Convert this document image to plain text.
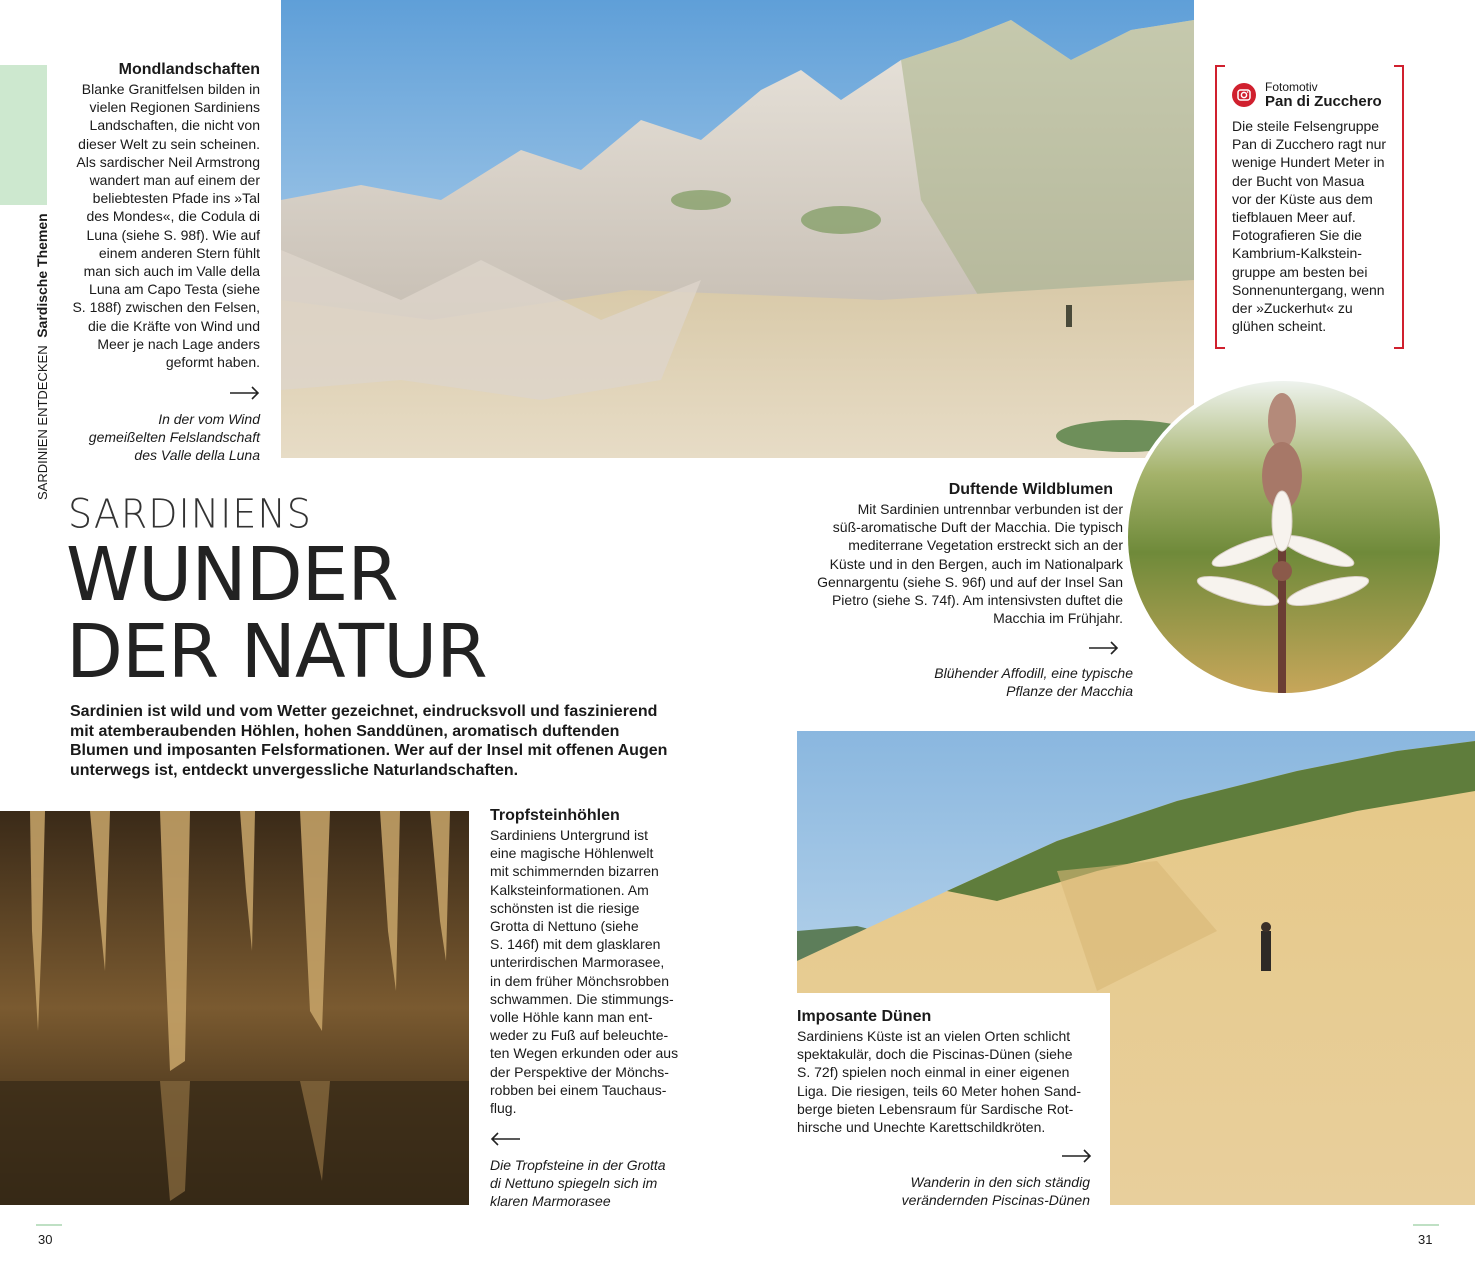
SARDINIEN ENTDECKEN Sardische Themen
Mondlandschaften
Blanke Granitfelsen bilden in
vielen Regionen Sardiniens
Landschaften, die nicht von
dieser Welt zu sein scheinen.
Als sardischer Neil Armstrong
wandert man auf einem der
beliebtesten Pfade ins »Tal
des Mondes«, die Codula di
Luna (siehe S. 98f). Wie auf
einem anderen Stern fühlt
man sich auch im Valle della
Luna am Capo Testa (siehe
S. 188f) zwischen den Felsen,
die die Kräfte von Wind und
Meer je nach Lage anders
geformt haben.
In der vom Wind
gemeißelten Felslandschaft
des Valle della Luna
Fotomotiv
Pan di Zucchero
Die steile Felsengruppe
Pan di Zucchero ragt nur
wenige Hundert Meter in
der Bucht von Masua
vor der Küste aus dem
tiefblauen Meer auf.
Fotografieren Sie die
Kambrium-Kalkstein-
gruppe am besten bei
Sonnenuntergang, wenn
der »Zuckerhut« zu
glühen scheint.
Duftende Wildblumen
Mit Sardinien untrennbar verbunden ist der
süß-aromatische Duft der Macchia. Die typisch
mediterrane Vegetation erstreckt sich an der
Küste und in den Bergen, auch im Nationalpark
Gennargentu (siehe S. 96f) und auf der Insel San
Pietro (siehe S. 74f). Am intensivsten duftet die
Macchia im Frühjahr.
Blühender Affodill, eine typische
Pflanze der Macchia
SARDINIENS
WUNDER
DER NATUR
Sardinien ist wild und vom Wetter gezeichnet, eindrucksvoll und faszinierend
mit atemberaubenden Höhlen, hohen Sanddünen, aromatisch duftenden
Blumen und imposanten Felsformationen. Wer auf der Insel mit offenen Augen
unterwegs ist, entdeckt unvergessliche Naturlandschaften.
Tropfsteinhöhlen
Sardiniens Untergrund ist
eine magische Höhlenwelt
mit schimmernden bizarren
Kalksteinformationen. Am
schönsten ist die riesige
Grotta di Nettuno (siehe
S. 146f) mit dem glasklaren
unterirdischen Marmorasee,
in dem früher Mönchsrobben
schwammen. Die stimmungs-
volle Höhle kann man ent-
weder zu Fuß auf beleuchte-
ten Wegen erkunden oder aus
der Perspektive der Mönchs-
robben bei einem Tauchaus-
flug.
Die Tropfsteine in der Grotta
di Nettuno spiegeln sich im
klaren Marmorasee
Imposante Dünen
Sardiniens Küste ist an vielen Orten schlicht
spektakulär, doch die Piscinas-Dünen (siehe
S. 72f) spielen noch einmal in einer eigenen
Liga. Die riesigen, teils 60 Meter hohen Sand-
berge bieten Lebensraum für Sardische Rot-
hirsche und Unechte Karettschildkröten.
Wanderin in den sich ständig
verändernden Piscinas-Dünen
30	31
